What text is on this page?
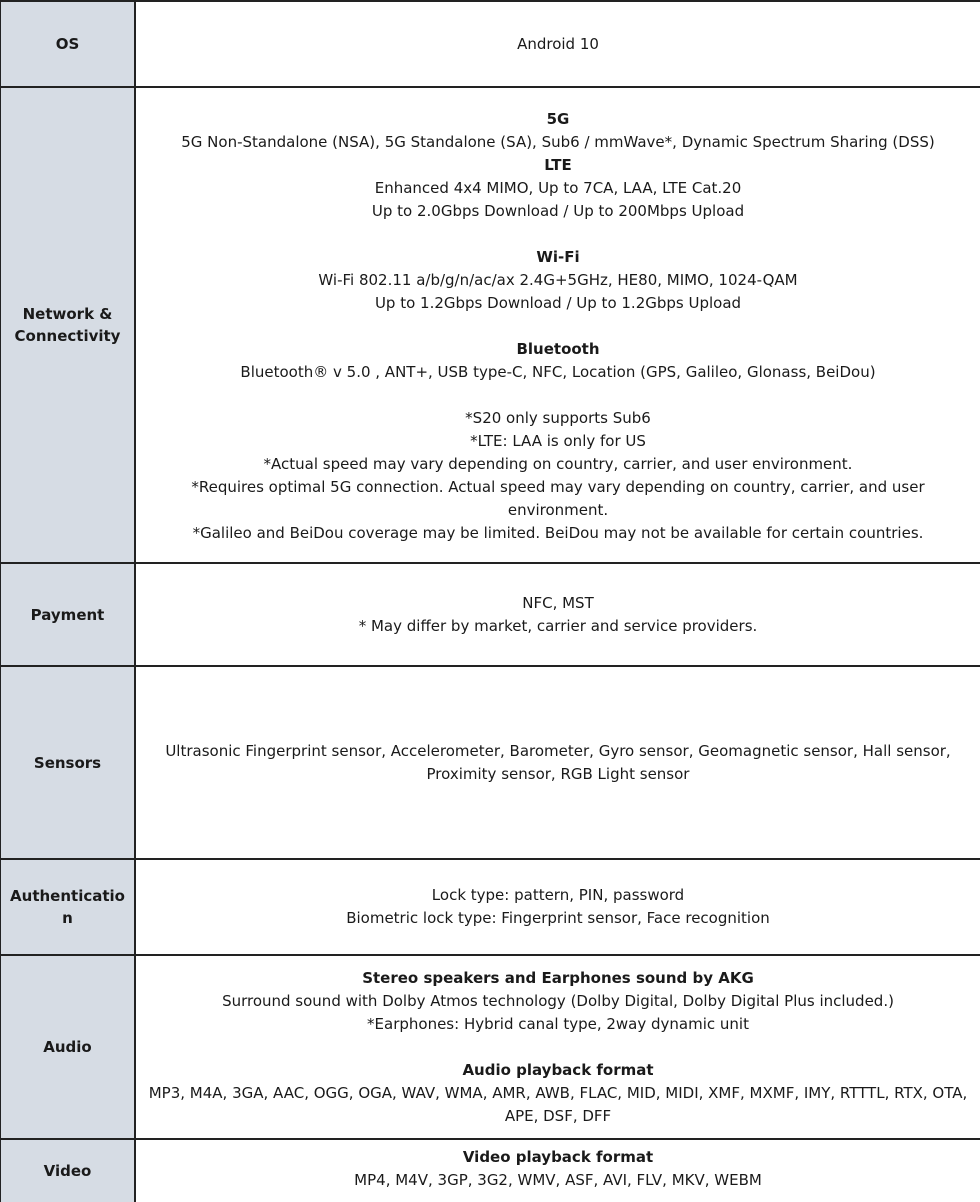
OS	Android 10
Network & Connectivity
5G
5G Non-Standalone (NSA), 5G Standalone (SA), Sub6 / mmWave*, Dynamic Spectrum Sharing (DSS)
LTE
Enhanced 4x4 MIMO, Up to 7CA, LAA, LTE Cat.20
Up to 2.0Gbps Download / Up to 200Mbps Upload
Wi-Fi
Wi-Fi 802.11 a/b/g/n/ac/ax 2.4G+5GHz, HE80, MIMO, 1024-QAM
Up to 1.2Gbps Download / Up to 1.2Gbps Upload
Bluetooth
Bluetooth® v 5.0 , ANT+, USB type-C, NFC, Location (GPS, Galileo, Glonass, BeiDou)
*S20 only supports Sub6
*LTE: LAA is only for US
*Actual speed may vary depending on country, carrier, and user environment.
*Requires optimal 5G connection. Actual speed may vary depending on country, carrier, and user environment.
*Galileo and BeiDou coverage may be limited. BeiDou may not be available for certain countries.
Payment
NFC, MST
* May differ by market, carrier and service providers.
Sensors
Ultrasonic Fingerprint sensor, Accelerometer, Barometer, Gyro sensor, Geomagnetic sensor, Hall sensor, Proximity sensor, RGB Light sensor
Authentication
Lock type: pattern, PIN, password
Biometric lock type: Fingerprint sensor, Face recognition
Audio
Stereo speakers and Earphones sound by AKG
Surround sound with Dolby Atmos technology (Dolby Digital, Dolby Digital Plus included.)
*Earphones: Hybrid canal type, 2way dynamic unit
Audio playback format
MP3, M4A, 3GA, AAC, OGG, OGA, WAV, WMA, AMR, AWB, FLAC, MID, MIDI, XMF, MXMF, IMY, RTTTL, RTX, OTA, APE, DSF, DFF
Video
Video playback format
MP4, M4V, 3GP, 3G2, WMV, ASF, AVI, FLV, MKV, WEBM
